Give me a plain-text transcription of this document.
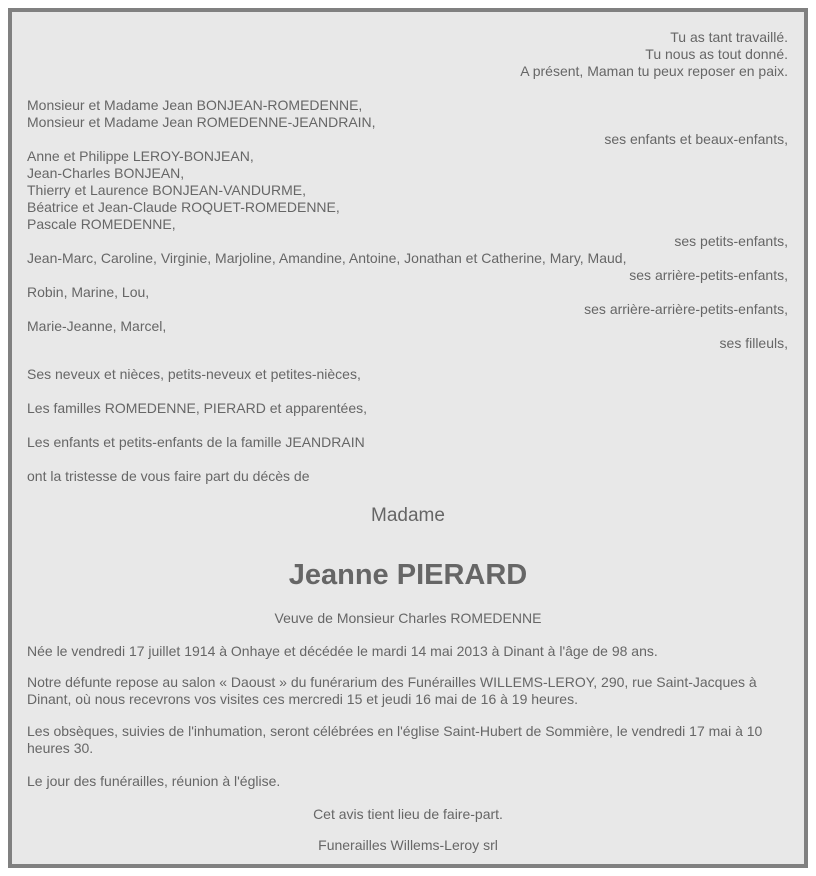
Tu as tant travaillé.
Tu nous as tout donné.
A présent, Maman tu peux reposer en paix.
Monsieur et Madame Jean BONJEAN-ROMEDENNE,
Monsieur et Madame Jean ROMEDENNE-JEANDRAIN,
ses enfants et beaux-enfants,
Anne et Philippe LEROY-BONJEAN,
Jean-Charles BONJEAN,
Thierry et Laurence BONJEAN-VANDURME,
Béatrice et Jean-Claude ROQUET-ROMEDENNE,
Pascale ROMEDENNE,
ses petits-enfants,
Jean-Marc, Caroline, Virginie, Marjoline, Amandine, Antoine, Jonathan et Catherine, Mary, Maud,
ses arrière-petits-enfants,
Robin, Marine, Lou,
ses arrière-arrière-petits-enfants,
Marie-Jeanne, Marcel,
ses filleuls,
Ses neveux et nièces, petits-neveux et petites-nièces,
Les familles ROMEDENNE, PIERARD et apparentées,
Les enfants et petits-enfants de la famille JEANDRAIN
ont la tristesse de vous faire part du décès de
Madame
Jeanne PIERARD
Veuve de Monsieur Charles ROMEDENNE
Née le vendredi 17 juillet 1914 à Onhaye et décédée le mardi 14 mai 2013 à Dinant à l'âge de 98 ans.
Notre défunte repose au salon « Daoust » du funérarium des Funérailles WILLEMS-LEROY, 290, rue Saint-Jacques à Dinant, où nous recevrons vos visites ces mercredi 15 et jeudi 16 mai de 16 à 19 heures.
Les obsèques, suivies de l'inhumation, seront célébrées en l'église Saint-Hubert de Sommière, le vendredi 17 mai à 10 heures 30.
Le jour des funérailles, réunion à l'église.
Cet avis tient lieu de faire-part.
Funerailles Willems-Leroy srl
